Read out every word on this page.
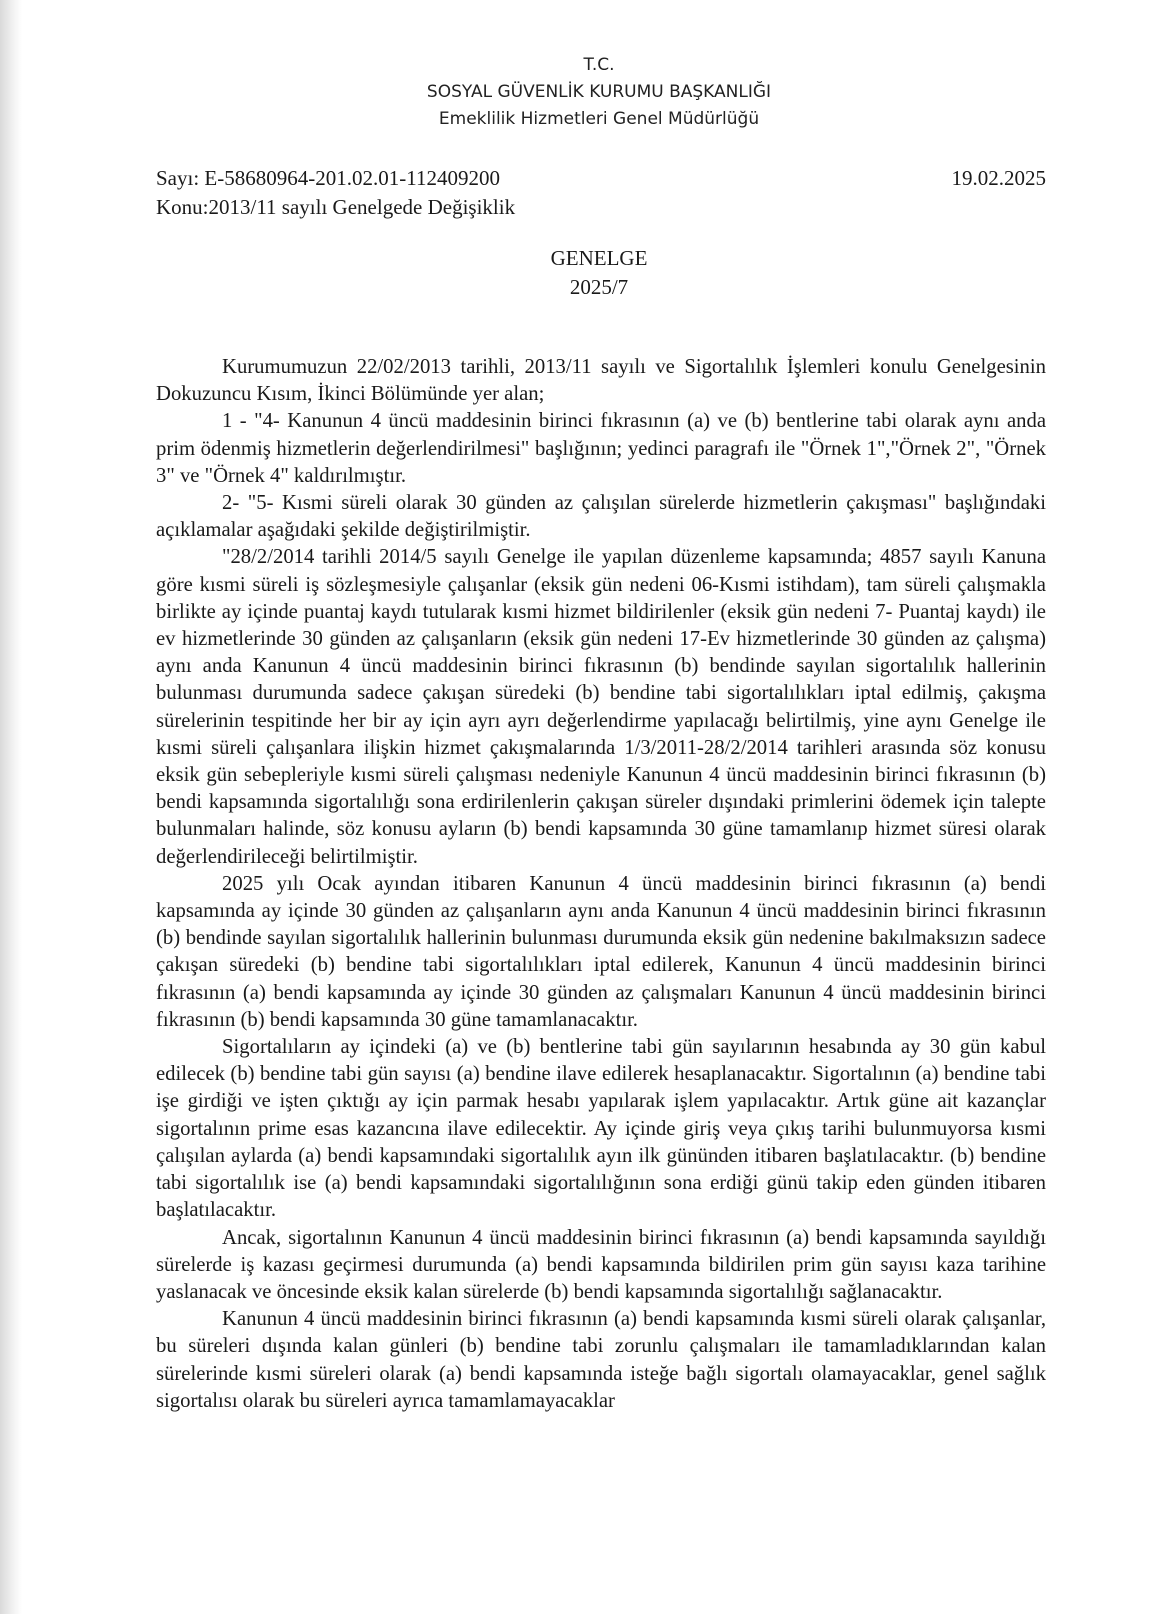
T.C.
SOSYAL GÜVENLİK KURUMU BAŞKANLIĞI
Emeklilik Hizmetleri Genel Müdürlüğü
Sayı: E-58680964-201.02.01-112409200	19.02.2025
Konu:2013/11 sayılı Genelgede Değişiklik
GENELGE
2025/7

Kurumumuzun 22/02/2013 tarihli, 2013/11 sayılı ve Sigortalılık İşlemleri konulu Genelgesinin Dokuzuncu Kısım, İkinci Bölümünde yer alan;

1 - "4- Kanunun 4 üncü maddesinin birinci fıkrasının (a) ve (b) bentlerine tabi olarak aynı anda prim ödenmiş hizmetlerin değerlendirilmesi" başlığının; yedinci paragrafı ile "Örnek 1","Örnek 2", "Örnek 3" ve "Örnek 4" kaldırılmıştır.

2- "5- Kısmi süreli olarak 30 günden az çalışılan sürelerde hizmetlerin çakışması" başlığındaki açıklamalar aşağıdaki şekilde değiştirilmiştir.

"28/2/2014 tarihli 2014/5 sayılı Genelge ile yapılan düzenleme kapsamında; 4857 sayılı Kanuna göre kısmi süreli iş sözleşmesiyle çalışanlar (eksik gün nedeni 06-Kısmi istihdam), tam süreli çalışmakla birlikte ay içinde puantaj kaydı tutularak kısmi hizmet bildirilenler (eksik gün nedeni 7- Puantaj kaydı) ile ev hizmetlerinde 30 günden az çalışanların (eksik gün nedeni 17-Ev hizmetlerinde 30 günden az çalışma) aynı anda Kanunun 4 üncü maddesinin birinci fıkrasının (b) bendinde sayılan sigortalılık hallerinin bulunması durumunda sadece çakışan süredeki (b) bendine tabi sigortalılıkları iptal edilmiş, çakışma sürelerinin tespitinde her bir ay için ayrı ayrı değerlendirme yapılacağı belirtilmiş, yine aynı Genelge ile kısmi süreli çalışanlara ilişkin hizmet çakışmalarında 1/3/2011-28/2/2014 tarihleri arasında söz konusu eksik gün sebepleriyle kısmi süreli çalışması nedeniyle Kanunun 4 üncü maddesinin birinci fıkrasının (b) bendi kapsamında sigortalılığı sona erdirilenlerin çakışan süreler dışındaki primlerini ödemek için talepte bulunmaları halinde, söz konusu ayların (b) bendi kapsamında 30 güne tamamlanıp hizmet süresi olarak değerlendirileceği belirtilmiştir.

2025 yılı Ocak ayından itibaren Kanunun 4 üncü maddesinin birinci fıkrasının (a) bendi kapsamında ay içinde 30 günden az çalışanların aynı anda Kanunun 4 üncü maddesinin birinci fıkrasının (b) bendinde sayılan sigortalılık hallerinin bulunması durumunda eksik gün nedenine bakılmaksızın sadece çakışan süredeki (b) bendine tabi sigortalılıkları iptal edilerek, Kanunun 4 üncü maddesinin birinci fıkrasının (a) bendi kapsamında ay içinde 30 günden az çalışmaları Kanunun 4 üncü maddesinin birinci fıkrasının (b) bendi kapsamında 30 güne tamamlanacaktır.

Sigortalıların ay içindeki (a) ve (b) bentlerine tabi gün sayılarının hesabında ay 30 gün kabul edilecek (b) bendine tabi gün sayısı (a) bendine ilave edilerek hesaplanacaktır. Sigortalının (a) bendine tabi işe girdiği ve işten çıktığı ay için parmak hesabı yapılarak işlem yapılacaktır. Artık güne ait kazançlar sigortalının prime esas kazancına ilave edilecektir. Ay içinde giriş veya çıkış tarihi bulunmuyorsa kısmi çalışılan aylarda (a) bendi kapsamındaki sigortalılık ayın ilk gününden itibaren başlatılacaktır. (b) bendine tabi sigortalılık ise (a) bendi kapsamındaki sigortalılığının sona erdiği günü takip eden günden itibaren başlatılacaktır.

Ancak, sigortalının Kanunun 4 üncü maddesinin birinci fıkrasının (a) bendi kapsamında sayıldığı sürelerde iş kazası geçirmesi durumunda (a) bendi kapsamında bildirilen prim gün sayısı kaza tarihine yaslanacak ve öncesinde eksik kalan sürelerde (b) bendi kapsamında sigortalılığı sağlanacaktır.

Kanunun 4 üncü maddesinin birinci fıkrasının (a) bendi kapsamında kısmi süreli olarak çalışanlar, bu süreleri dışında kalan günleri (b) bendine tabi zorunlu çalışmaları ile tamamladıklarından kalan sürelerinde kısmi süreleri olarak (a) bendi kapsamında isteğe bağlı sigortalı olamayacaklar, genel sağlık sigortalısı olarak bu süreleri ayrıca tamamlamayacaklar
